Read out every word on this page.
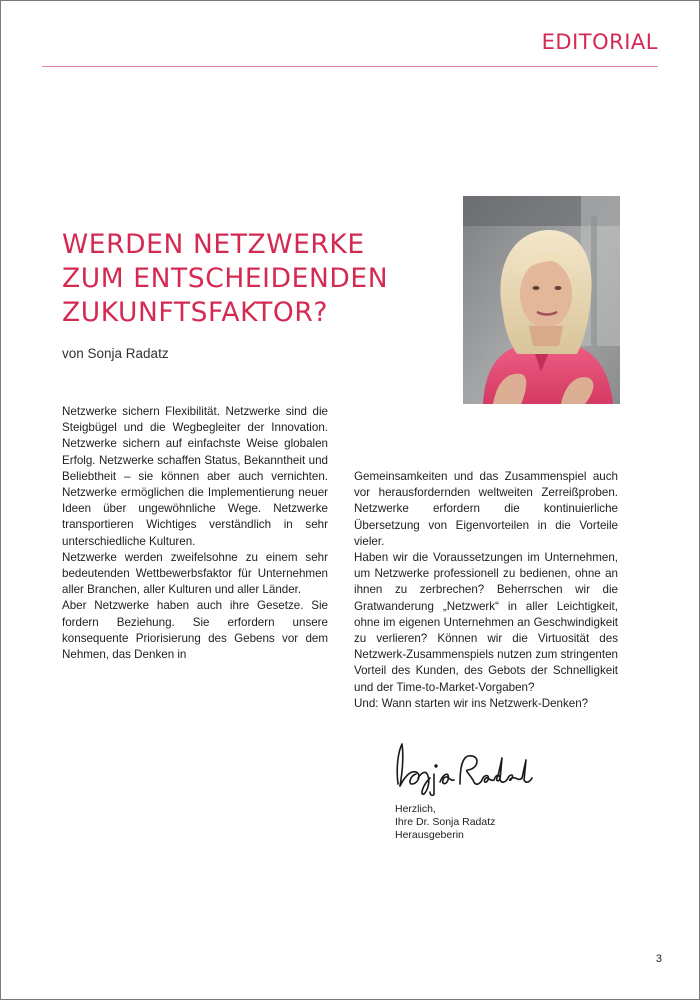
EDITORIAL
WERDEN NETZWERKE
ZUM ENTSCHEIDENDEN
ZUKUNFTSFAKTOR?
von Sonja Radatz

Netzwerke sichern Flexibilität. Netzwerke sind die Steigbügel und die Wegbegleiter der Innovation. Netzwerke sichern auf einfachste Weise globalen Erfolg. Netzwerke schaffen Status, Bekanntheit und Beliebtheit – sie können aber auch vernichten. Netzwerke ermöglichen die Implementierung neuer Ideen über ungewöhnliche Wege. Netzwerke transportieren Wichtiges verständlich in sehr unterschiedliche Kulturen.

Netzwerke werden zweifelsohne zu einem sehr bedeutenden Wettbewerbsfaktor für Unternehmen aller Branchen, aller Kulturen und aller Länder.

Aber Netzwerke haben auch ihre Gesetze. Sie fordern Beziehung. Sie erfordern unsere konsequente Priorisierung des Gebens vor dem Nehmen, das Denken in

Gemeinsamkeiten und das Zusammenspiel auch vor herausfordernden weltweiten Zerreißproben. Netzwerke erfordern die kontinuierliche Übersetzung von Eigenvorteilen in die Vorteile vieler.

Haben wir die Voraussetzungen im Unternehmen, um Netzwerke professionell zu bedienen, ohne an ihnen zu zerbrechen? Beherrschen wir die Gratwanderung „Netzwerk“ in aller Leichtigkeit, ohne im eigenen Unternehmen an Geschwindigkeit zu verlieren? Können wir die Virtuosität des Netzwerk-Zusammenspiels nutzen zum stringenten Vorteil des Kunden, des Gebots der Schnelligkeit und der Time-to-Market-Vorgaben?

Und: Wann starten wir ins Netzwerk-Denken?

Herzlich,
Ihre Dr. Sonja Radatz
Herausgeberin
3
